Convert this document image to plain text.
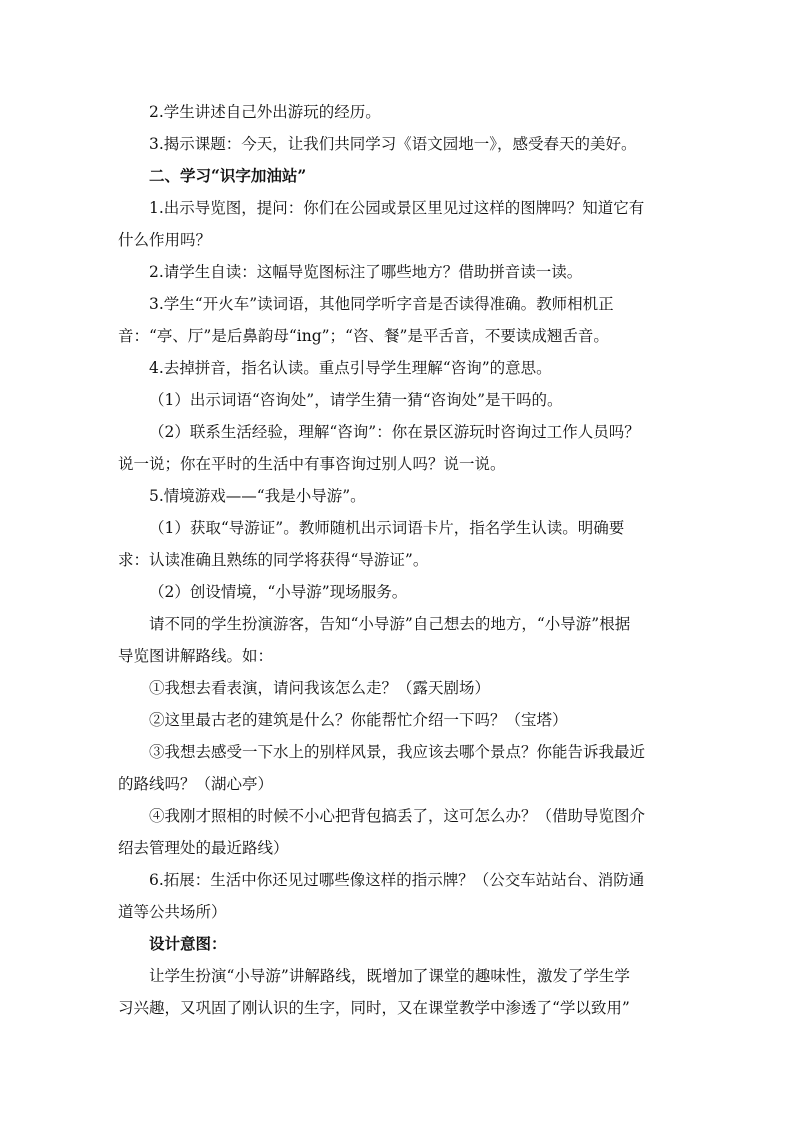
2.学生讲述自己外出游玩的经历。

3.揭示课题：今天，让我们共同学习《语文园地一》，感受春天的美好。

二、学习“识字加油站”

1.出示导览图，提问：你们在公园或景区里见过这样的图牌吗？知道它有

什么作用吗？

2.请学生自读：这幅导览图标注了哪些地方？借助拼音读一读。

3.学生“开火车”读词语，其他同学听字音是否读得准确。教师相机正

音：“亭、厅”是后鼻韵母“ing”；“咨、餐”是平舌音，不要读成翘舌音。

4.去掉拼音，指名认读。重点引导学生理解“咨询”的意思。

（1）出示词语“咨询处”，请学生猜一猜“咨询处”是干吗的。

（2）联系生活经验，理解“咨询”：你在景区游玩时咨询过工作人员吗？

说一说；你在平时的生活中有事咨询过别人吗？说一说。

5.情境游戏——“我是小导游”。

（1）获取“导游证”。教师随机出示词语卡片，指名学生认读。明确要

求：认读准确且熟练的同学将获得“导游证”。

（2）创设情境，“小导游”现场服务。

请不同的学生扮演游客，告知“小导游”自己想去的地方，“小导游”根据

导览图讲解路线。如：

①我想去看表演，请问我该怎么走？（露天剧场）

②这里最古老的建筑是什么？你能帮忙介绍一下吗？（宝塔）

③我想去感受一下水上的别样风景，我应该去哪个景点？你能告诉我最近

的路线吗？（湖心亭）

④我刚才照相的时候不小心把背包搞丢了，这可怎么办？（借助导览图介

绍去管理处的最近路线）

6.拓展：生活中你还见过哪些像这样的指示牌？（公交车站站台、消防通

道等公共场所）

设计意图：

让学生扮演“小导游”讲解路线，既增加了课堂的趣味性，激发了学生学

习兴趣，又巩固了刚认识的生字，同时，又在课堂教学中渗透了“学以致用”
